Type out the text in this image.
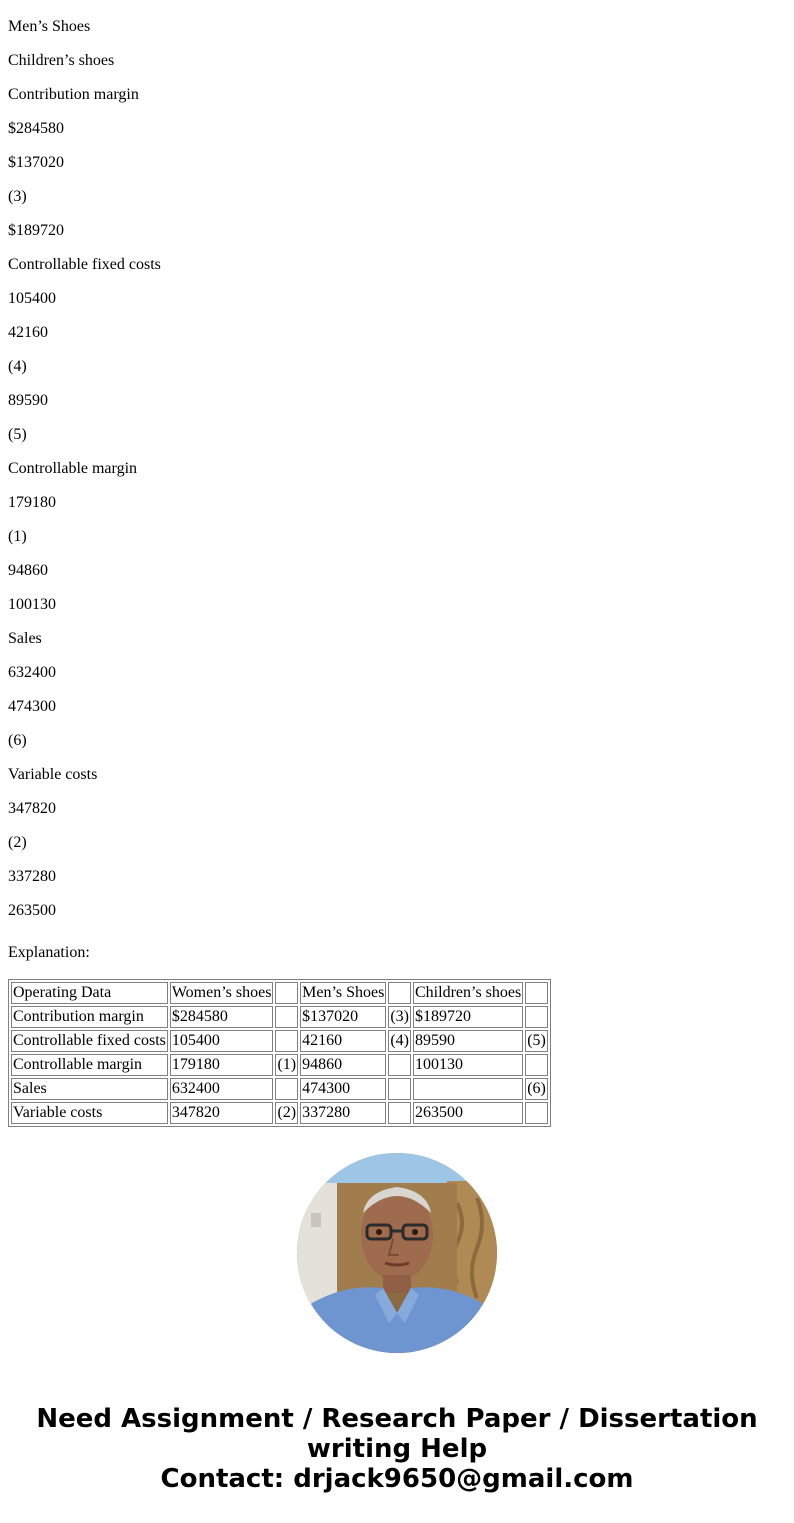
Men’s Shoes

Children’s shoes

Contribution margin

$284580

$137020

(3)

$189720

Controllable fixed costs

105400

42160

(4)

89590

(5)

Controllable margin

179180

(1)

94860

100130

Sales

632400

474300

(6)

Variable costs

347820

(2)

337280

263500

Explanation:
Operating Data	Women’s shoes		Men’s Shoes		Children’s shoes	
Contribution margin	$284580		$137020	(3)	$189720	
Controllable fixed costs	105400		42160	(4)	89590	(5)
Controllable margin	179180	(1)	94860		100130	
Sales	632400		474300			(6)
Variable costs	347820	(2)	337280		263500	
Need Assignment / Research Paper / Dissertation
writing Help
Contact: drjack9650@gmail.com
